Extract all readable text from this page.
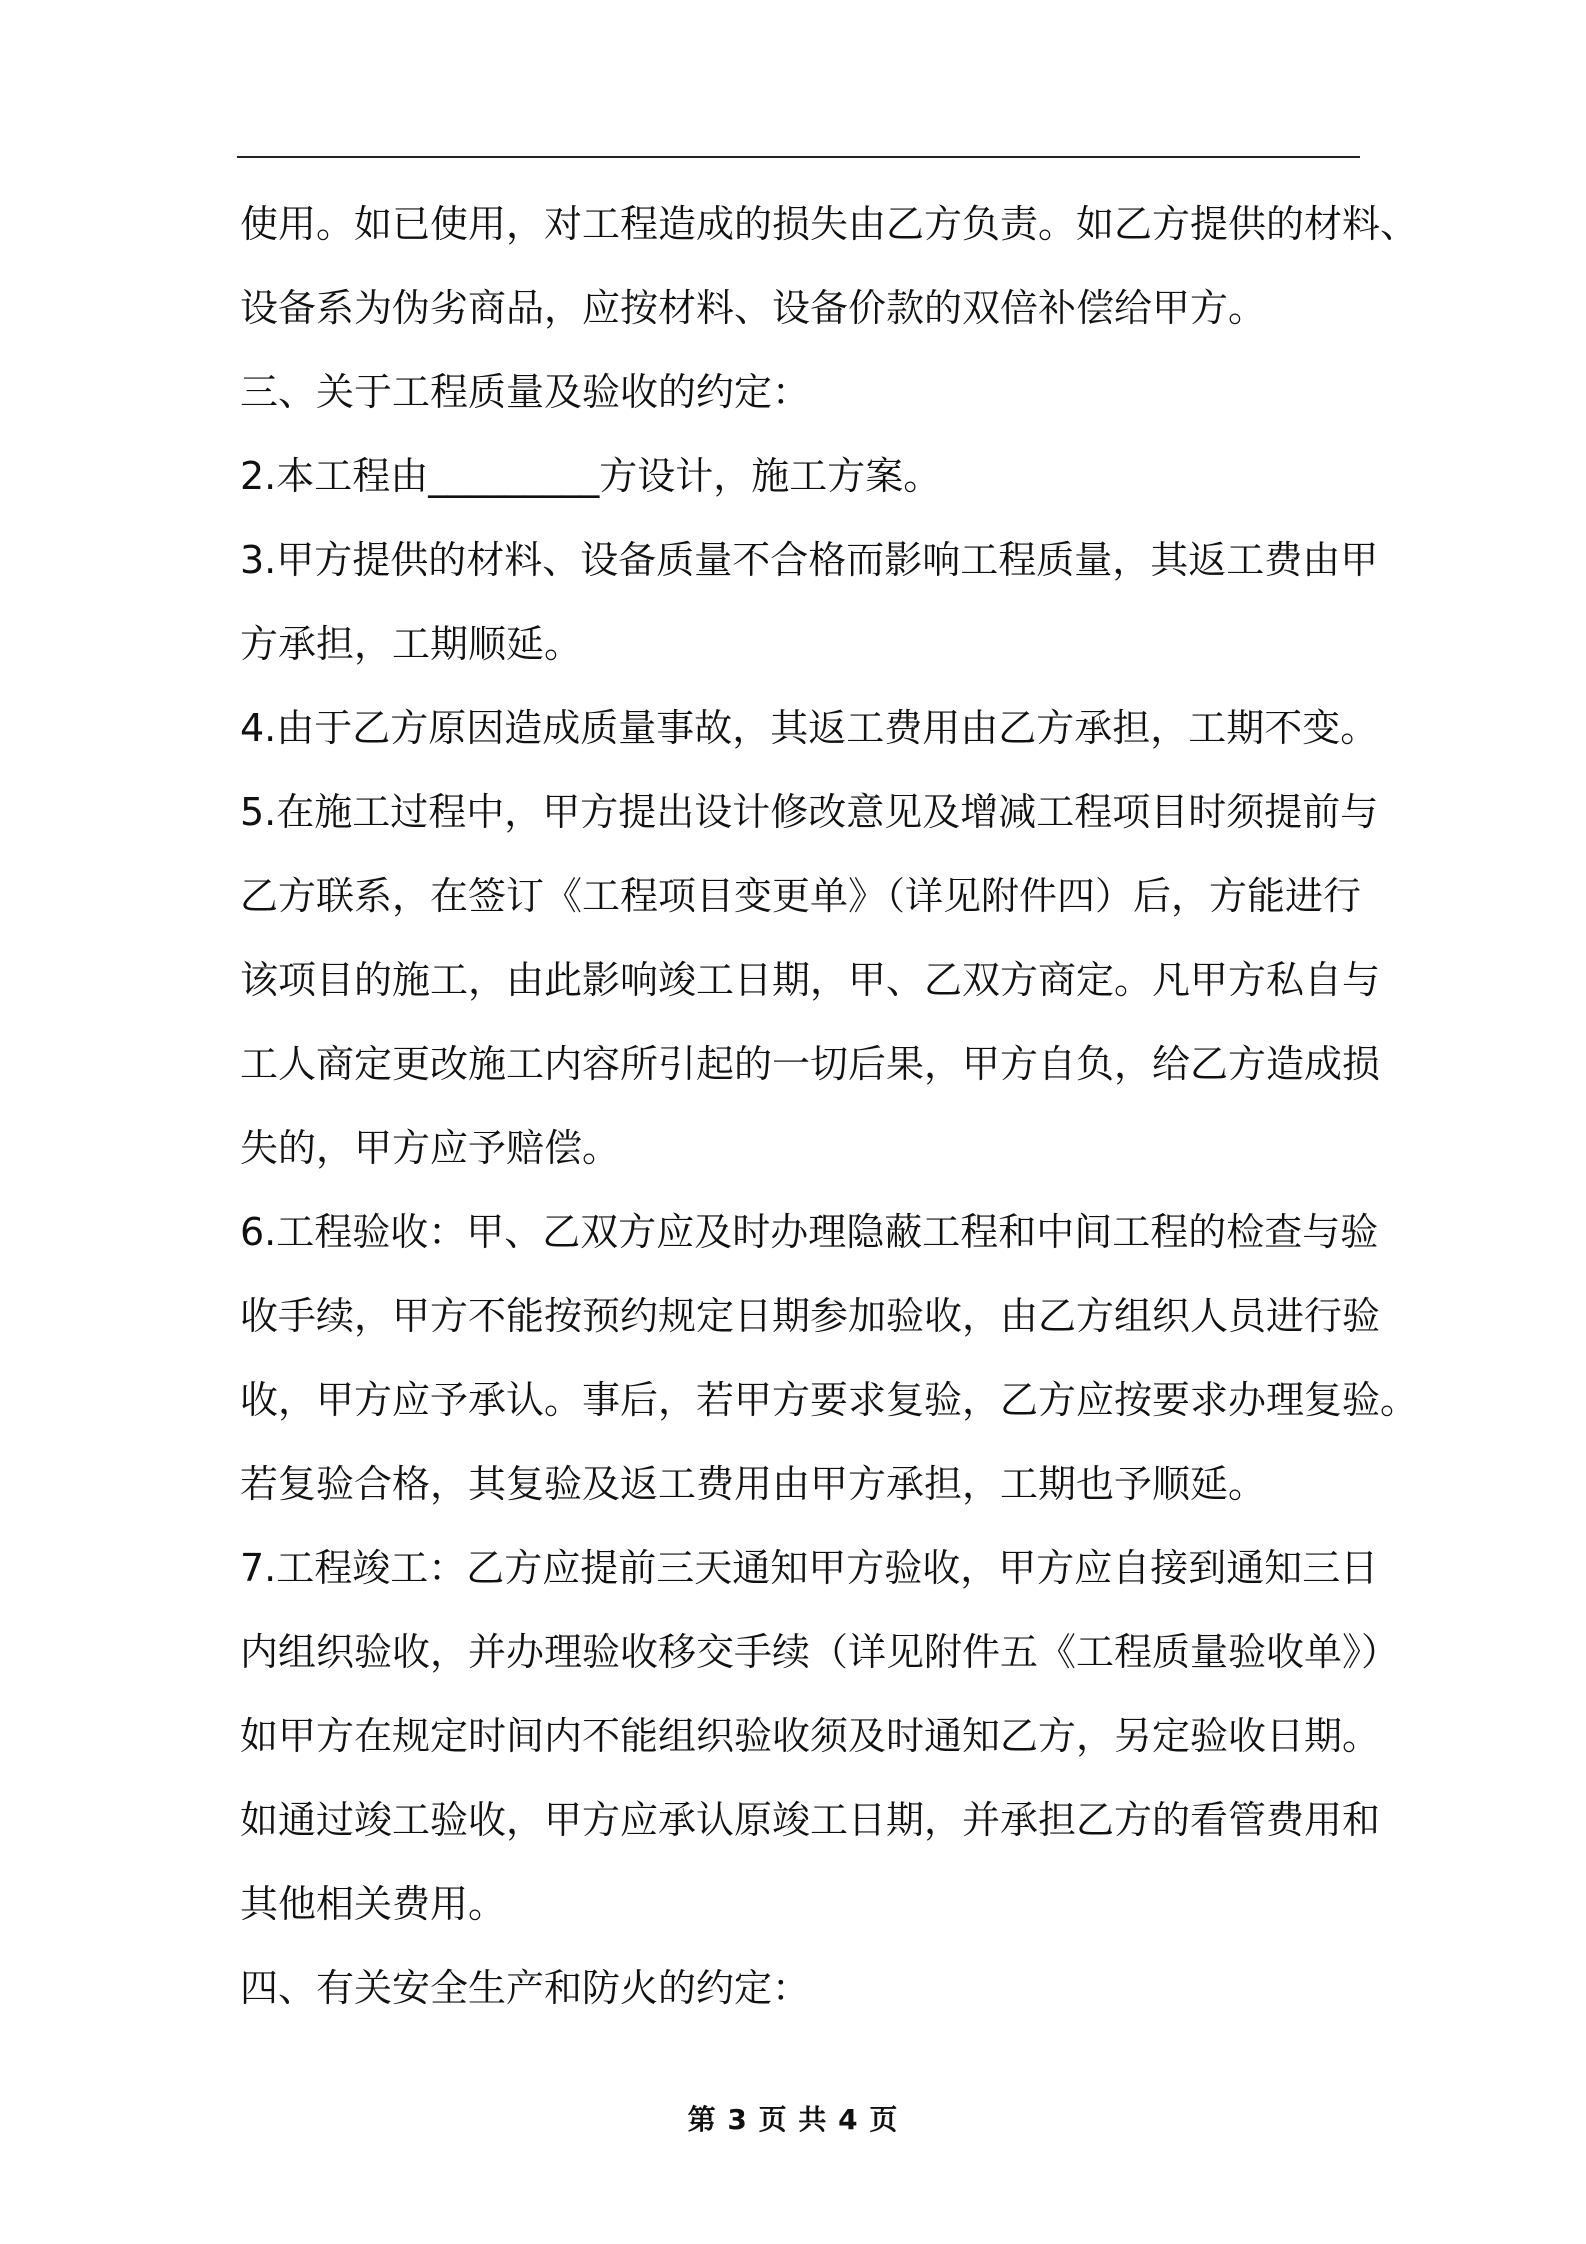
使用。如已使用，对工程造成的损失由乙方负责。如乙方提供的材料、
设备系为伪劣商品，应按材料、设备价款的双倍补偿给甲方。
三、关于工程质量及验收的约定：
2.本工程由_________方设计，施工方案。
3.甲方提供的材料、设备质量不合格而影响工程质量，其返工费由甲
方承担，工期顺延。
4.由于乙方原因造成质量事故，其返工费用由乙方承担，工期不变。
5.在施工过程中，甲方提出设计修改意见及增减工程项目时须提前与
乙方联系，在签订《工程项目变更单》（详见附件四）后，方能进行
该项目的施工，由此影响竣工日期，甲、乙双方商定。凡甲方私自与
工人商定更改施工内容所引起的一切后果，甲方自负，给乙方造成损
失的，甲方应予赔偿。
6.工程验收：甲、乙双方应及时办理隐蔽工程和中间工程的检查与验
收手续，甲方不能按预约规定日期参加验收，由乙方组织人员进行验
收，甲方应予承认。事后，若甲方要求复验，乙方应按要求办理复验。
若复验合格，其复验及返工费用由甲方承担，工期也予顺延。
7.工程竣工：乙方应提前三天通知甲方验收，甲方应自接到通知三日
内组织验收，并办理验收移交手续（详见附件五《工程质量验收单》）
如甲方在规定时间内不能组织验收须及时通知乙方，另定验收日期。
如通过竣工验收，甲方应承认原竣工日期，并承担乙方的看管费用和
其他相关费用。
四、有关安全生产和防火的约定：
第 3 页 共 4 页
